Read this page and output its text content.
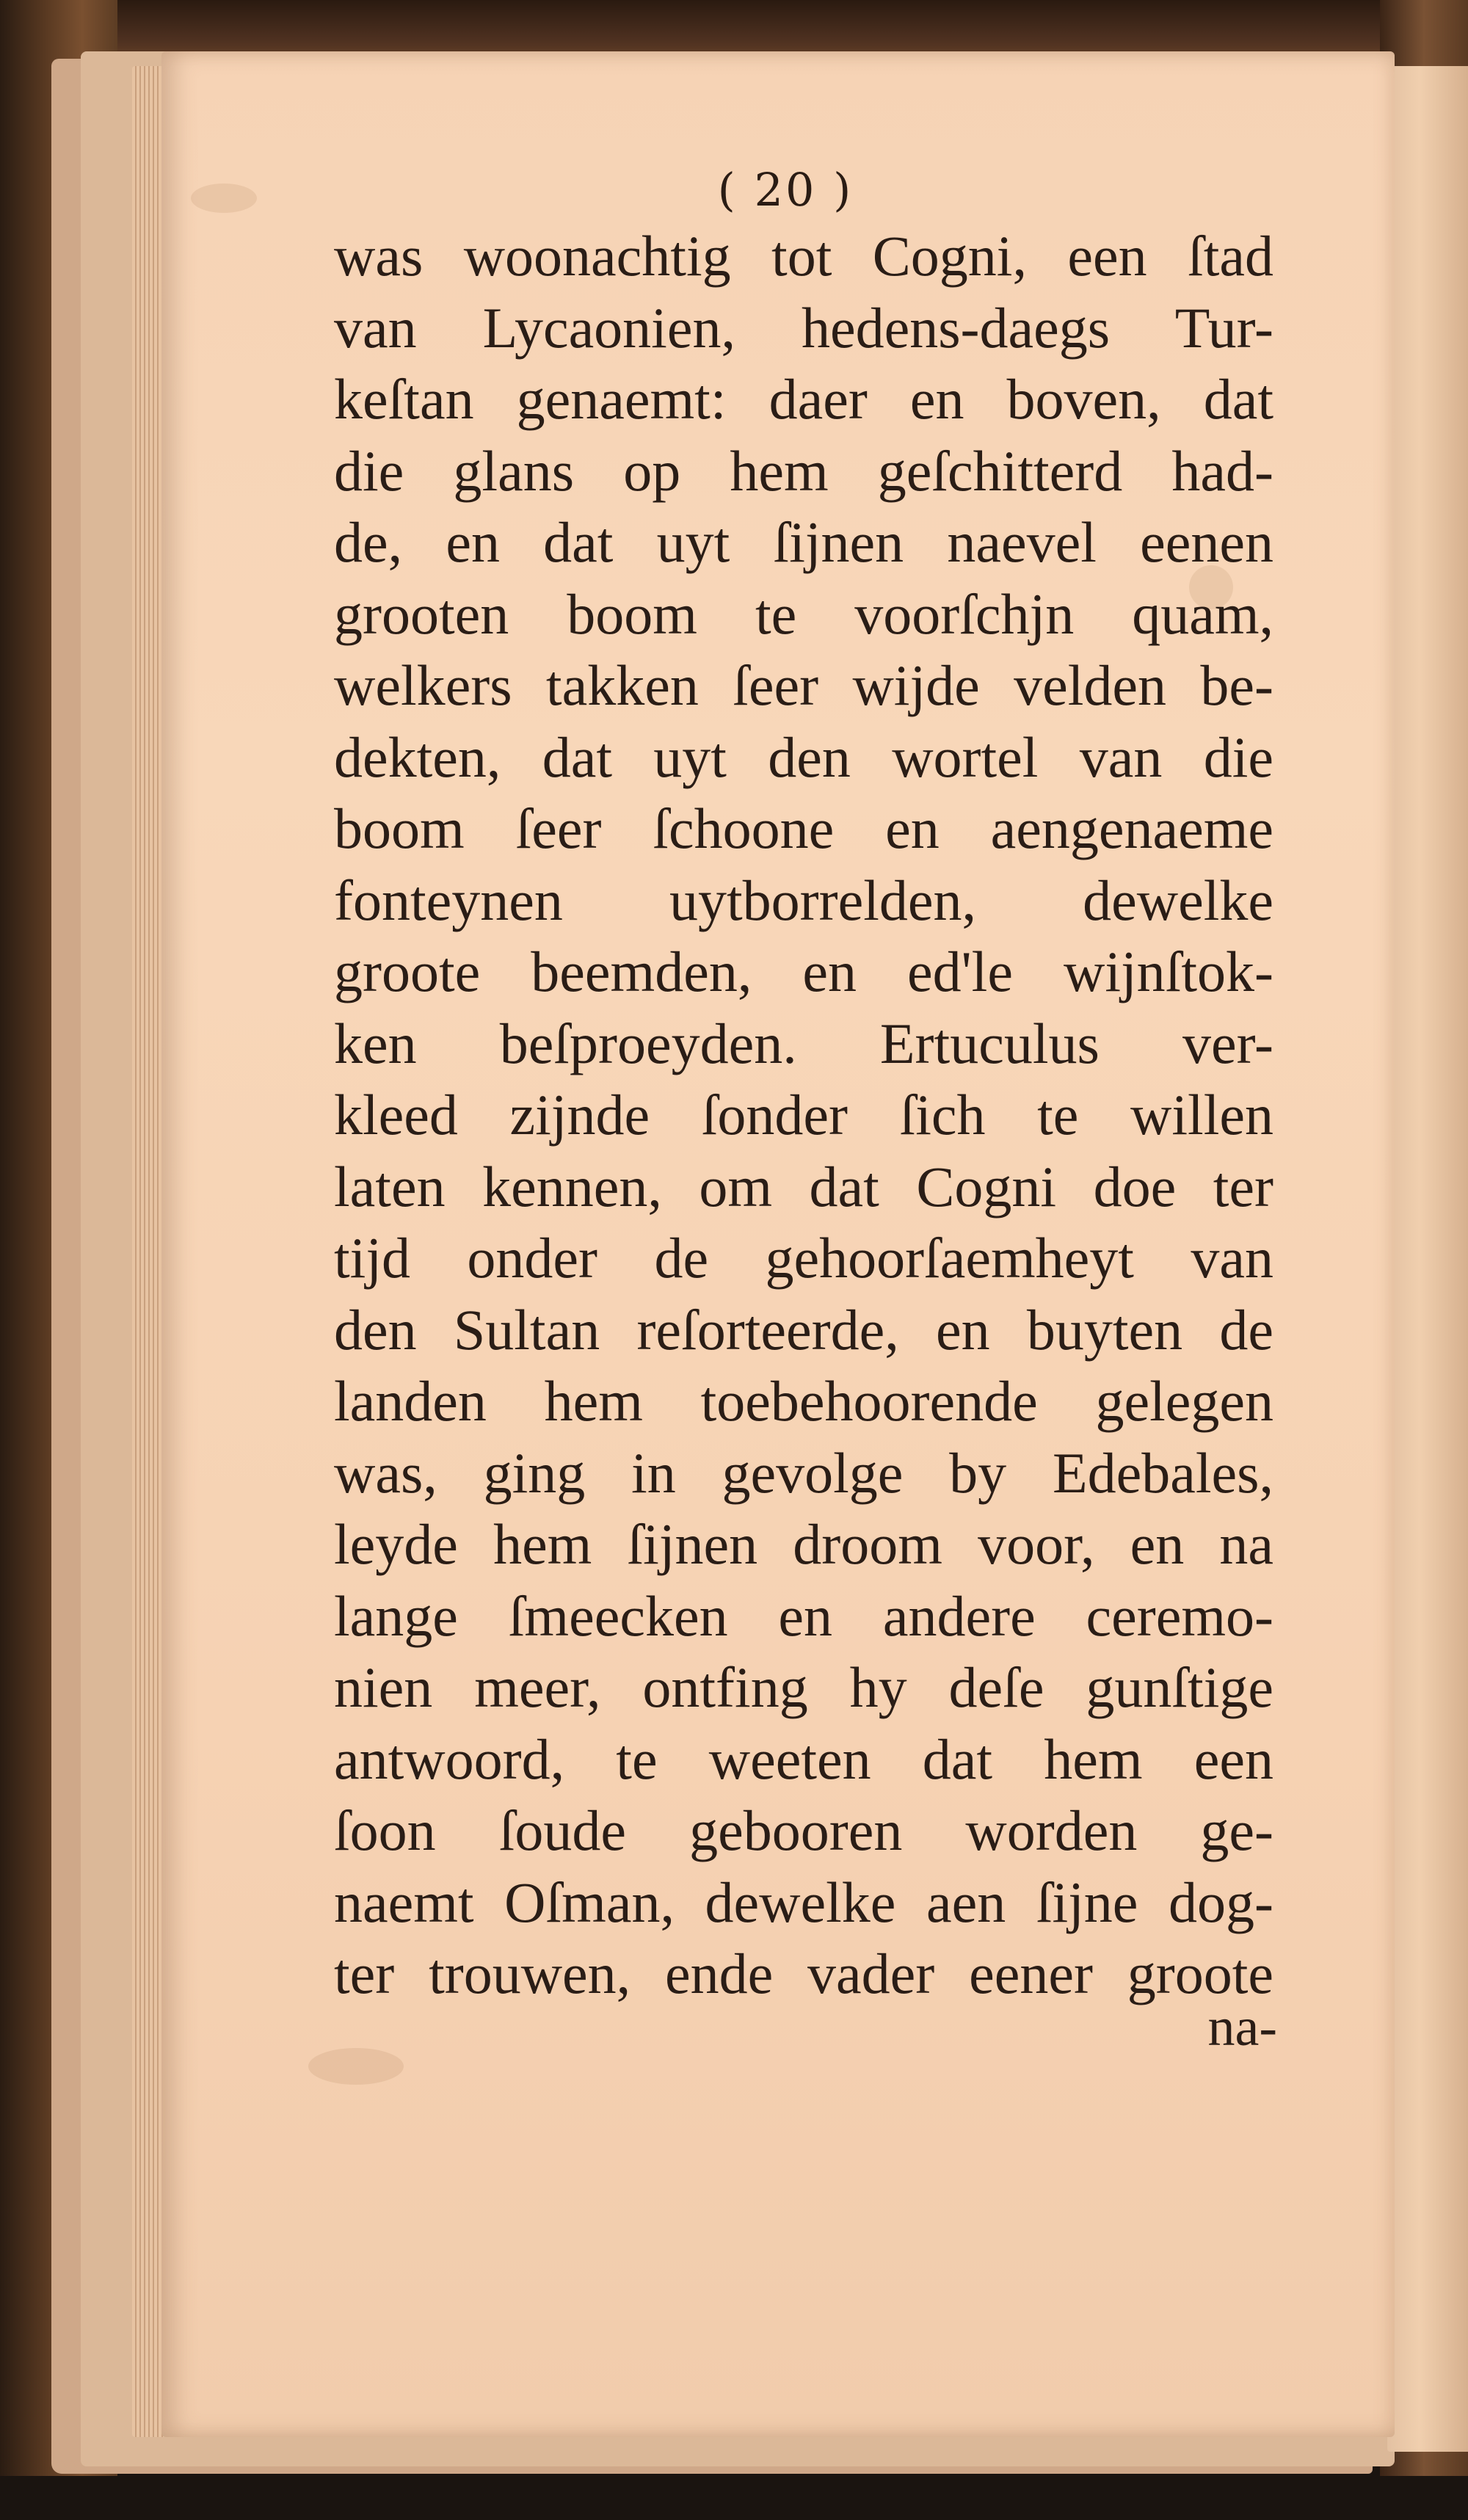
( 20 )
was woonachtig tot Cogni, een ſtad
van Lycaonien, hedens-daegs Tur-
keſtan genaemt: daer en boven, dat
die glans op hem geſchitterd had-
de, en dat uyt ſijnen naevel eenen
grooten boom te voorſchjn quam,
welkers takken ſeer wijde velden be-
dekten, dat uyt den wortel van die
boom ſeer ſchoone en aengenaeme
fonteynen uytborrelden, dewelke
groote beemden, en ed'le wijnſtok-
ken beſproeyden. Ertuculus ver-
kleed zijnde ſonder ſich te willen
laten kennen, om dat Cogni doe ter
tijd onder de gehoorſaemheyt van
den Sultan reſorteerde, en buyten de
landen hem toebehoorende gelegen
was, ging in gevolge by Edebales,
leyde hem ſijnen droom voor, en na
lange ſmeecken en andere ceremo-
nien meer, ontfing hy deſe gunſtige
antwoord, te weeten dat hem een
ſoon ſoude gebooren worden ge-
naemt Oſman, dewelke aen ſijne dog-
ter trouwen, ende vader eener groote
na-
